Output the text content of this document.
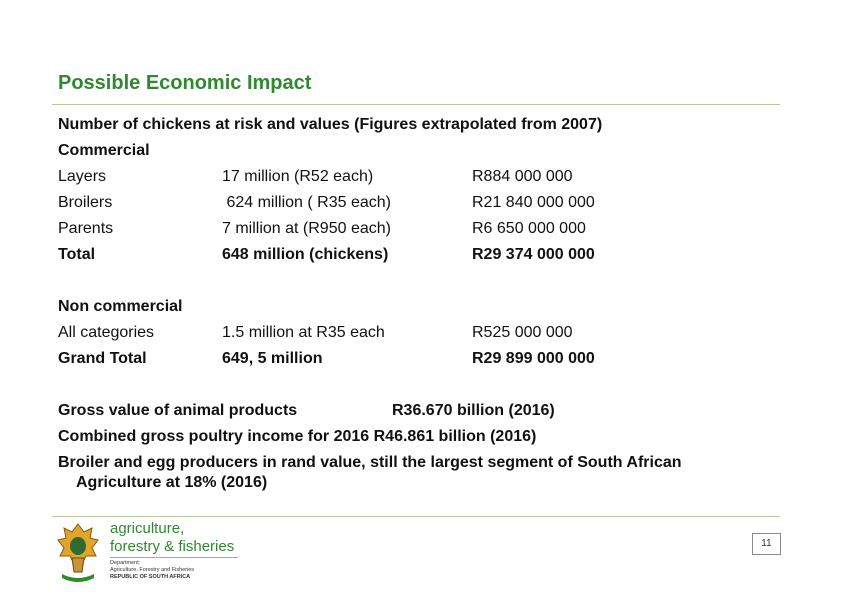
Possible Economic Impact
Number of chickens at risk and values (Figures extrapolated from 2007)
Commercial
Layers	17 million (R52 each)	R884 000 000
Broilers	624 million ( R35 each)	R21 840 000 000
Parents	7 million at (R950 each)	R6 650 000 000
Total	648 million (chickens)	R29 374 000 000
Non commercial
All categories	1.5 million at R35 each	R525 000 000
Grand Total	649, 5 million	R29 899 000 000
Gross value of animal products	R36.670 billion (2016)
Combined gross poultry income for 2016 R46.861 billion (2016)
Broiler and egg producers in rand value, still the largest segment of South African
Agriculture at 18% (2016)
agriculture,
forestry & fisheries
Department:
Agriculture, Forestry and Fisheries
REPUBLIC OF SOUTH AFRICA
11
